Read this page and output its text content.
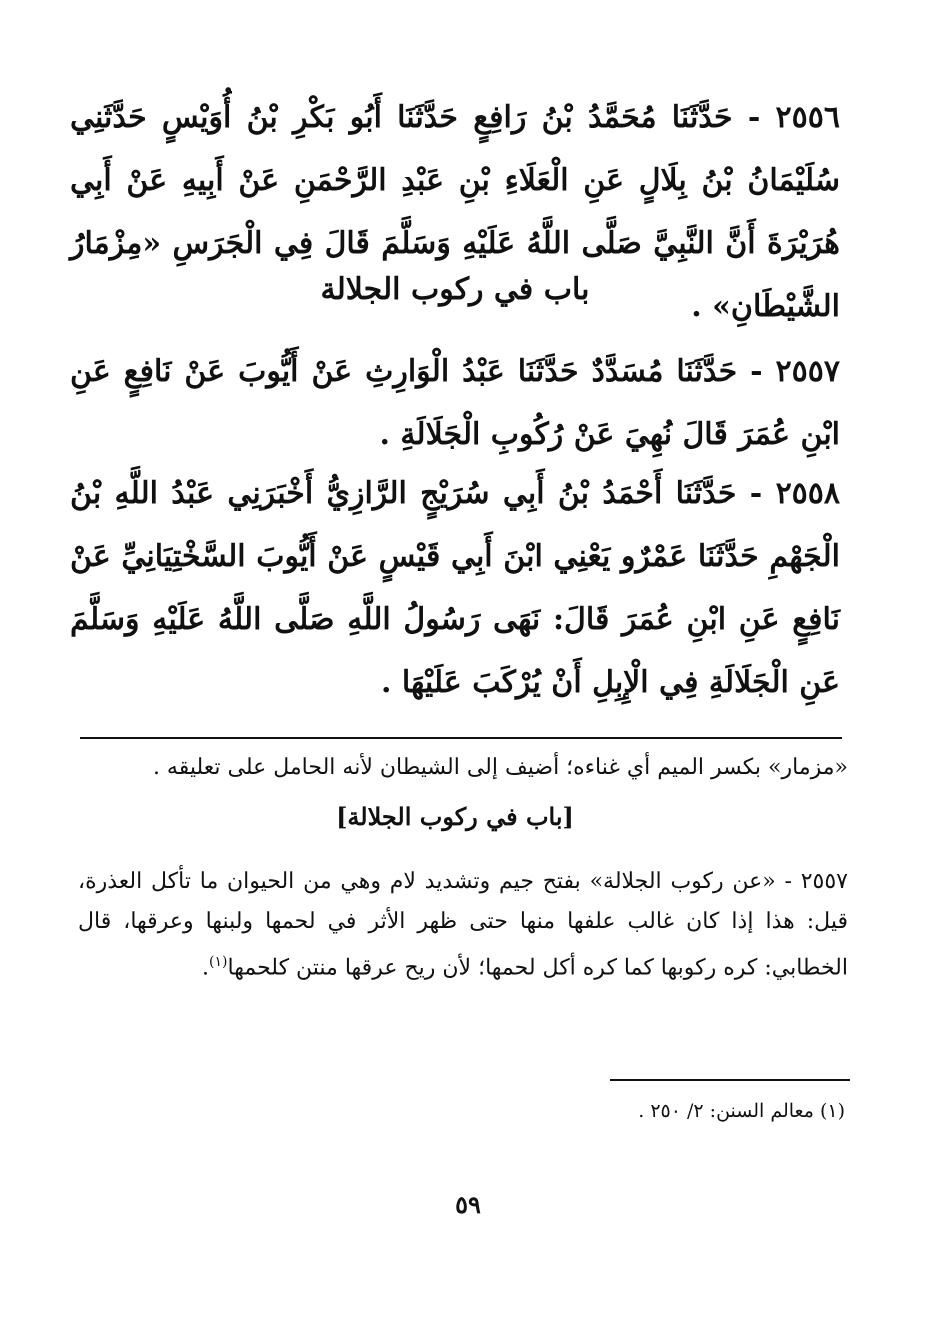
٢٥٥٦ - حَدَّثَنَا مُحَمَّدُ بْنُ رَافِعٍ حَدَّثَنَا أَبُو بَكْرِ بْنُ أُوَيْسٍ حَدَّثَنِي سُلَيْمَانُ بْنُ بِلَالٍ عَنِ الْعَلَاءِ بْنِ عَبْدِ الرَّحْمَنِ عَنْ أَبِيهِ عَنْ أَبِي هُرَيْرَةَ أَنَّ النَّبِيَّ صَلَّى اللَّهُ عَلَيْهِ وَسَلَّمَ قَالَ فِي الْجَرَسِ «مِزْمَارُ الشَّيْطَانِ» .
باب في ركوب الجلالة
٢٥٥٧ - حَدَّثَنَا مُسَدَّدٌ حَدَّثَنَا عَبْدُ الْوَارِثِ عَنْ أَيُّوبَ عَنْ نَافِعٍ عَنِ ابْنِ عُمَرَ قَالَ نُهِيَ عَنْ رُكُوبِ الْجَلَالَةِ .
٢٥٥٨ - حَدَّثَنَا أَحْمَدُ بْنُ أَبِي سُرَيْجٍ الرَّازِيُّ أَخْبَرَنِي عَبْدُ اللَّهِ بْنُ الْجَهْمِ حَدَّثَنَا عَمْرٌو يَعْنِي ابْنَ أَبِي قَيْسٍ عَنْ أَيُّوبَ السَّخْتِيَانِيِّ عَنْ نَافِعٍ عَنِ ابْنِ عُمَرَ قَالَ: نَهَى رَسُولُ اللَّهِ صَلَّى اللَّهُ عَلَيْهِ وَسَلَّمَ عَنِ الْجَلَالَةِ فِي الْإِبِلِ أَنْ يُرْكَبَ عَلَيْهَا .
«مزمار» بكسر الميم أي غناءه؛ أضيف إلى الشيطان لأنه الحامل على تعليقه .
[باب في ركوب الجلالة]
٢٥٥٧ - «عن ركوب الجلالة» بفتح جيم وتشديد لام وهي من الحيوان ما تأكل العذرة، قيل: هذا إذا كان غالب علفها منها حتى ظهر الأثر في لحمها ولبنها وعرقها، قال الخطابي: كره ركوبها كما كره أكل لحمها؛ لأن ريح عرقها منتن كلحمها$^{(١)}$.
(١) معالم السنن: ٢/ ٢٥٠ .
٥٩
